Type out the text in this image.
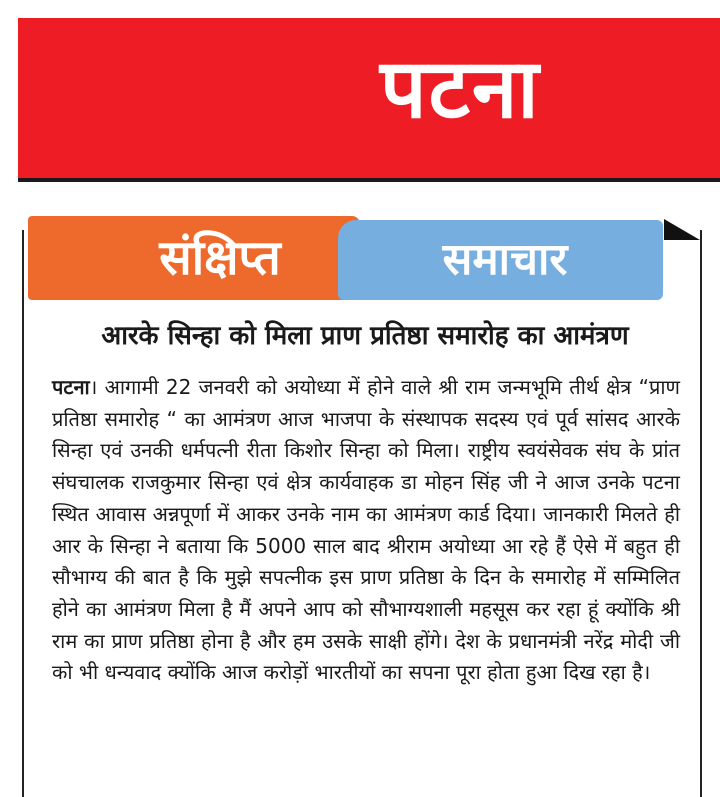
पटना
संक्षिप्त	समाचार
आरके सिन्हा को मिला प्राण प्रतिष्ठा समारोह का आमंत्रण
पटना। आगामी 22 जनवरी को अयोध्या में होने वाले श्री राम जन्मभूमि तीर्थ क्षेत्र “प्राण प्रतिष्ठा समारोह “ का आमंत्रण आज भाजपा के संस्थापक सदस्य एवं पूर्व सांसद आरके सिन्हा एवं उनकी धर्मपत्नी रीता किशोर सिन्हा को मिला। राष्ट्रीय स्वयंसेवक संघ के प्रांत संघचालक राजकुमार सिन्हा एवं क्षेत्र कार्यवाहक डा मोहन सिंह जी ने आज उनके पटना स्थित आवास अन्नपूर्णा में आकर उनके नाम का आमंत्रण कार्ड दिया। जानकारी मिलते ही आर के सिन्हा ने बताया कि 5000 साल बाद श्रीराम अयोध्या आ रहे हैं ऐसे में बहुत ही सौभाग्य की बात है कि मुझे सपत्नीक इस प्राण प्रतिष्ठा के दिन के समारोह में सम्मिलित होने का आमंत्रण मिला है मैं अपने आप को सौभाग्यशाली महसूस कर रहा हूं क्योंकि श्री राम का प्राण प्रतिष्ठा होना है और हम उसके साक्षी होंगे। देश के प्रधानमंत्री नरेंद्र मोदी जी को भी धन्यवाद क्योंकि आज करोड़ों भारतीयों का सपना पूरा होता हुआ दिख रहा है।
